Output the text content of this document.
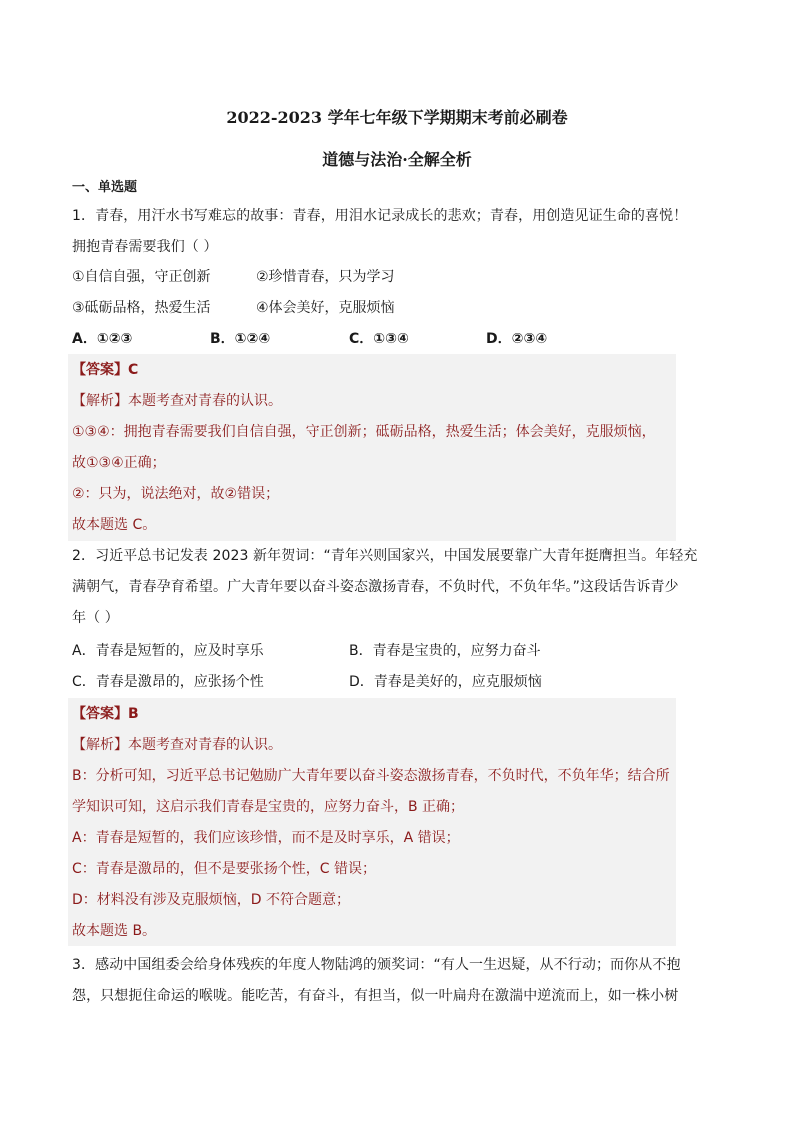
2022-2023 学年七年级下学期期末考前必刷卷
道德与法治·全解全析
一、单选题
1．青春，用汗水书写难忘的故事：青春，用泪水记录成长的悲欢；青春，用创造见证生命的喜悦！
拥抱青春需要我们（ ）
①自信自强，守正创新	②珍惜青春，只为学习
③砥砺品格，热爱生活	④体会美好，克服烦恼
A．①②③	B．①②④	C．①③④	D．②③④
【答案】C
【解析】本题考查对青春的认识。
①③④：拥抱青春需要我们自信自强，守正创新；砥砺品格，热爱生活；体会美好，克服烦恼，
故①③④正确；
②：只为，说法绝对，故②错误；
故本题选 C。
2．习近平总书记发表 2023 新年贺词：“青年兴则国家兴，中国发展要靠广大青年挺膺担当。年轻充
满朝气，青春孕育希望。广大青年要以奋斗姿态激扬青春，不负时代，不负年华。”这段话告诉青少
年（ ）
A．青春是短暂的，应及时享乐	B．青春是宝贵的，应努力奋斗
C．青春是激昂的，应张扬个性	D．青春是美好的，应克服烦恼
【答案】B
【解析】本题考查对青春的认识。
B：分析可知，习近平总书记勉励广大青年要以奋斗姿态激扬青春，不负时代，不负年华；结合所
学知识可知，这启示我们青春是宝贵的，应努力奋斗，B 正确；
A：青春是短暂的，我们应该珍惜，而不是及时享乐，A 错误；
C：青春是激昂的，但不是要张扬个性，C 错误；
D：材料没有涉及克服烦恼，D 不符合题意；
故本题选 B。
3．感动中国组委会给身体残疾的年度人物陆鸿的颁奖词：“有人一生迟疑，从不行动；而你从不抱
怨，只想扼住命运的喉咙。能吃苦，有奋斗，有担当，似一叶扁舟在激湍中逆流而上，如一株小树
